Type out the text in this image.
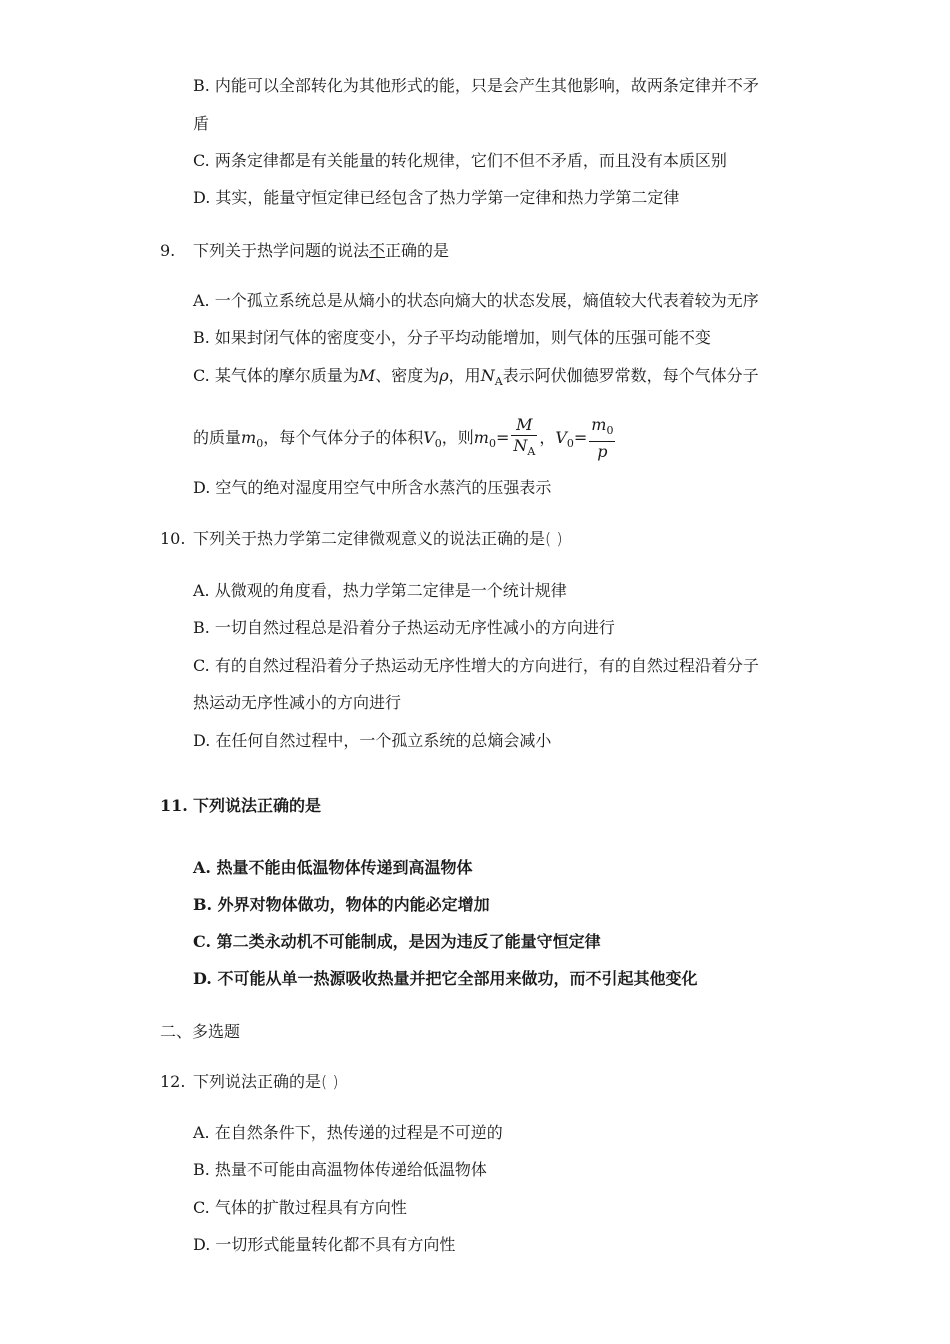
B. 内能可以全部转化为其他形式的能，只是会产生其他影响，故两条定律并不矛
盾
C. 两条定律都是有关能量的转化规律，它们不但不矛盾，而且没有本质区别
D. 其实，能量守恒定律已经包含了热力学第一定律和热力学第二定律
9. 下列关于热学问题的说法不正确的是
A. 一个孤立系统总是从熵小的状态向熵大的状态发展，熵值较大代表着较为无序
B. 如果封闭气体的密度变小，分子平均动能增加，则气体的压强可能不变
C. 某气体的摩尔质量为M、密度为ρ，用$N_A$表示阿伏伽德罗常数，每个气体分子
的质量$m_0$，每个气体分子的体积$V_0$，则$m_0= \frac{M}{N_A}$ ，$V_0= \frac{m_0}{p}$
D. 空气的绝对湿度用空气中所含水蒸汽的压强表示
10. 下列关于热力学第二定律微观意义的说法正确的是( )
A. 从微观的角度看，热力学第二定律是一个统计规律
B. 一切自然过程总是沿着分子热运动无序性减小的方向进行
C. 有的自然过程沿着分子热运动无序性增大的方向进行，有的自然过程沿着分子
热运动无序性减小的方向进行
D. 在任何自然过程中，一个孤立系统的总熵会减小
11. 下列说法正确的是
A. 热量不能由低温物体传递到高温物体
B. 外界对物体做功，物体的内能必定增加
C. 第二类永动机不可能制成，是因为违反了能量守恒定律
D. 不可能从单一热源吸收热量并把它全部用来做功，而不引起其他变化
二、多选题
12. 下列说法正确的是( )
A. 在自然条件下，热传递的过程是不可逆的
B. 热量不可能由高温物体传递给低温物体
C. 气体的扩散过程具有方向性
D. 一切形式能量转化都不具有方向性
